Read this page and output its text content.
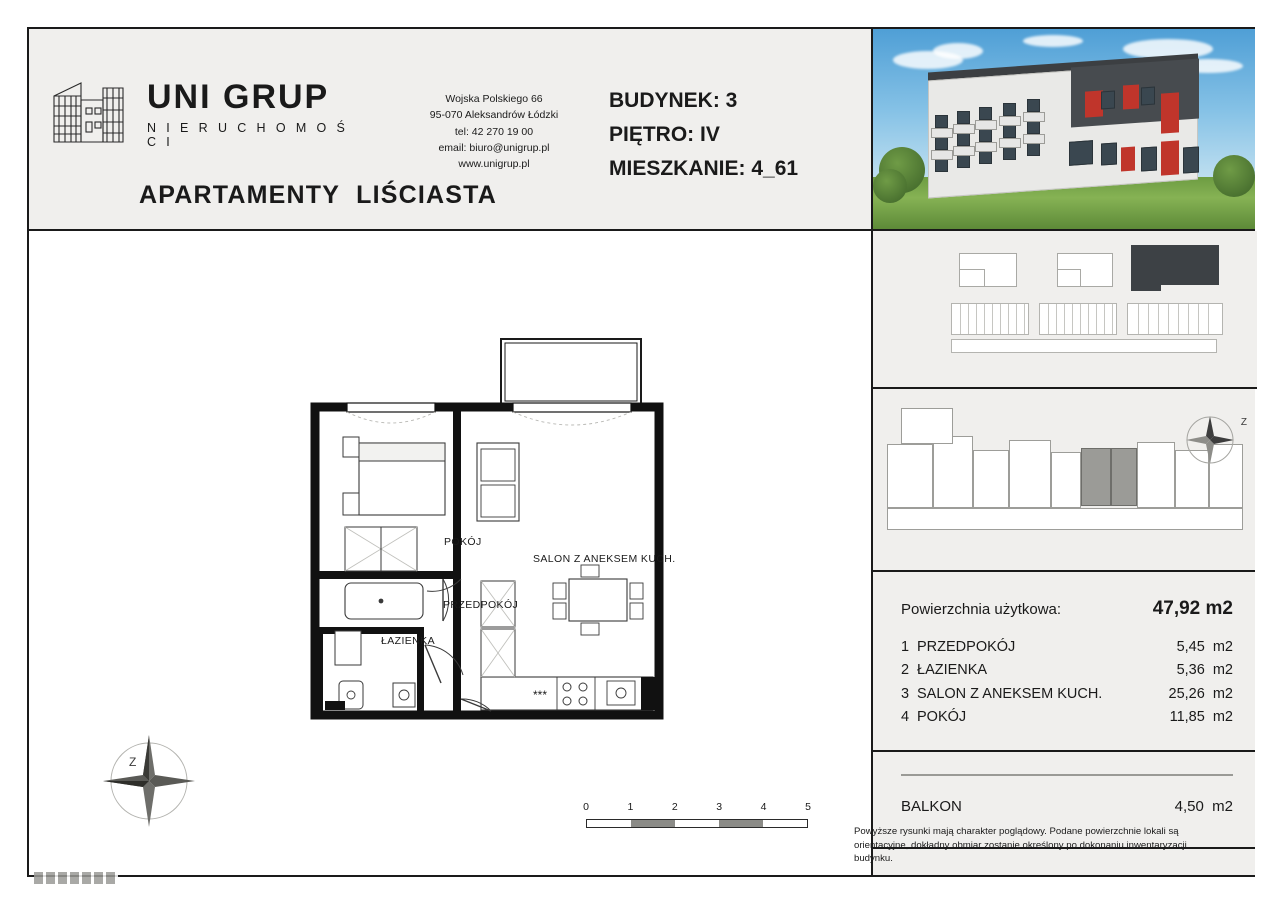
UNI GRUP
N I E R U C H O M O Ś C I
Wojska Polskiego 66
95-070 Aleksandrów Łódzki
tel: 42 270 19 00
email: biuro@unigrup.pl
www.unigrup.pl
APARTAMENTY LIŚCIASTA
BUDYNEK: 3
PIĘTRO: IV
MIESZKANIE: 4_61
Z
Powierzchnia użytkowa:	47,92 m2
1 PRZEDPOKÓJ	5,45  m2
2 ŁAZIENKA	5,36  m2
3 SALON Z ANEKSEM KUCH.	25,26  m2
4 POKÓJ	11,85  m2
BALKON	4,50  m2
***
POKÓJ
SALON Z ANEKSEM KUCH.
PRZEDPOKÓJ
ŁAZIENKA
Z
0	1	2	3	4	5
Powyższe rysunki mają charakter poglądowy. Podane powierzchnie lokali są orientacyjne, dokładny obmiar zostanie określony po dokonaniu inwentaryzacji budynku.
